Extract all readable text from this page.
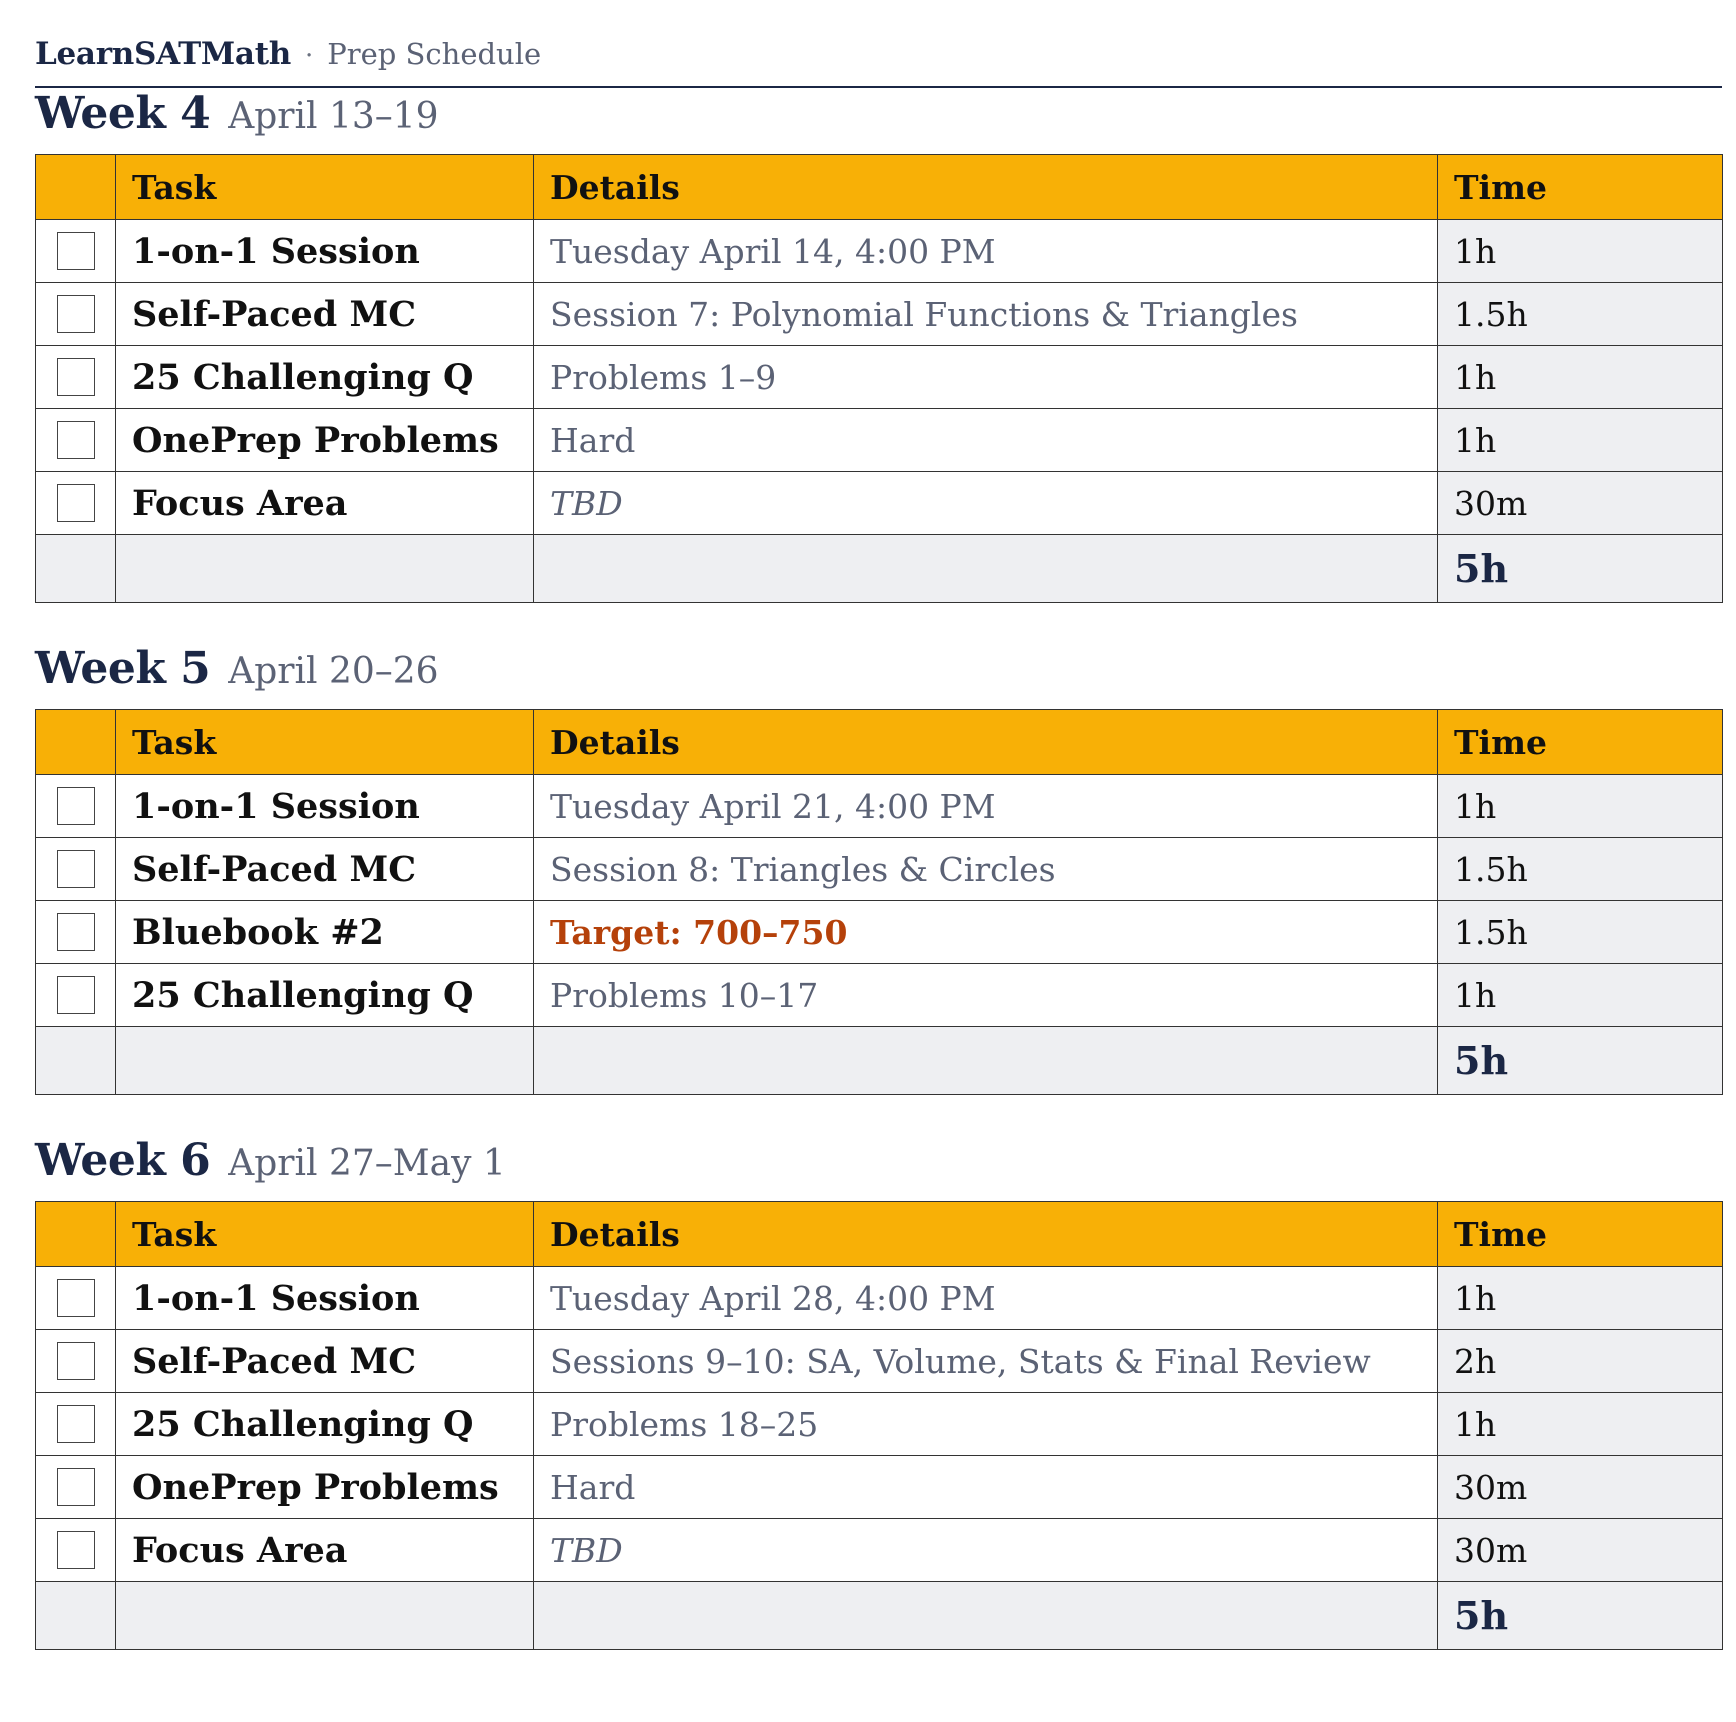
LearnSATMath · Prep Schedule
Week 4 April 13–19
	Task	Details	Time
	1-on-1 Session	Tuesday April 14, 4:00 PM	1h
	Self-Paced MC	Session 7: Polynomial Functions & Triangles	1.5h
	25 Challenging Q	Problems 1–9	1h
	OnePrep Problems	Hard	1h
	Focus Area	TBD	30m
			5h
Week 5 April 20–26
	Task	Details	Time
	1-on-1 Session	Tuesday April 21, 4:00 PM	1h
	Self-Paced MC	Session 8: Triangles & Circles	1.5h
	Bluebook #2	Target: 700–750	1.5h
	25 Challenging Q	Problems 10–17	1h
			5h
Week 6 April 27–May 1
	Task	Details	Time
	1-on-1 Session	Tuesday April 28, 4:00 PM	1h
	Self-Paced MC	Sessions 9–10: SA, Volume, Stats & Final Review	2h
	25 Challenging Q	Problems 18–25	1h
	OnePrep Problems	Hard	30m
	Focus Area	TBD	30m
			5h
